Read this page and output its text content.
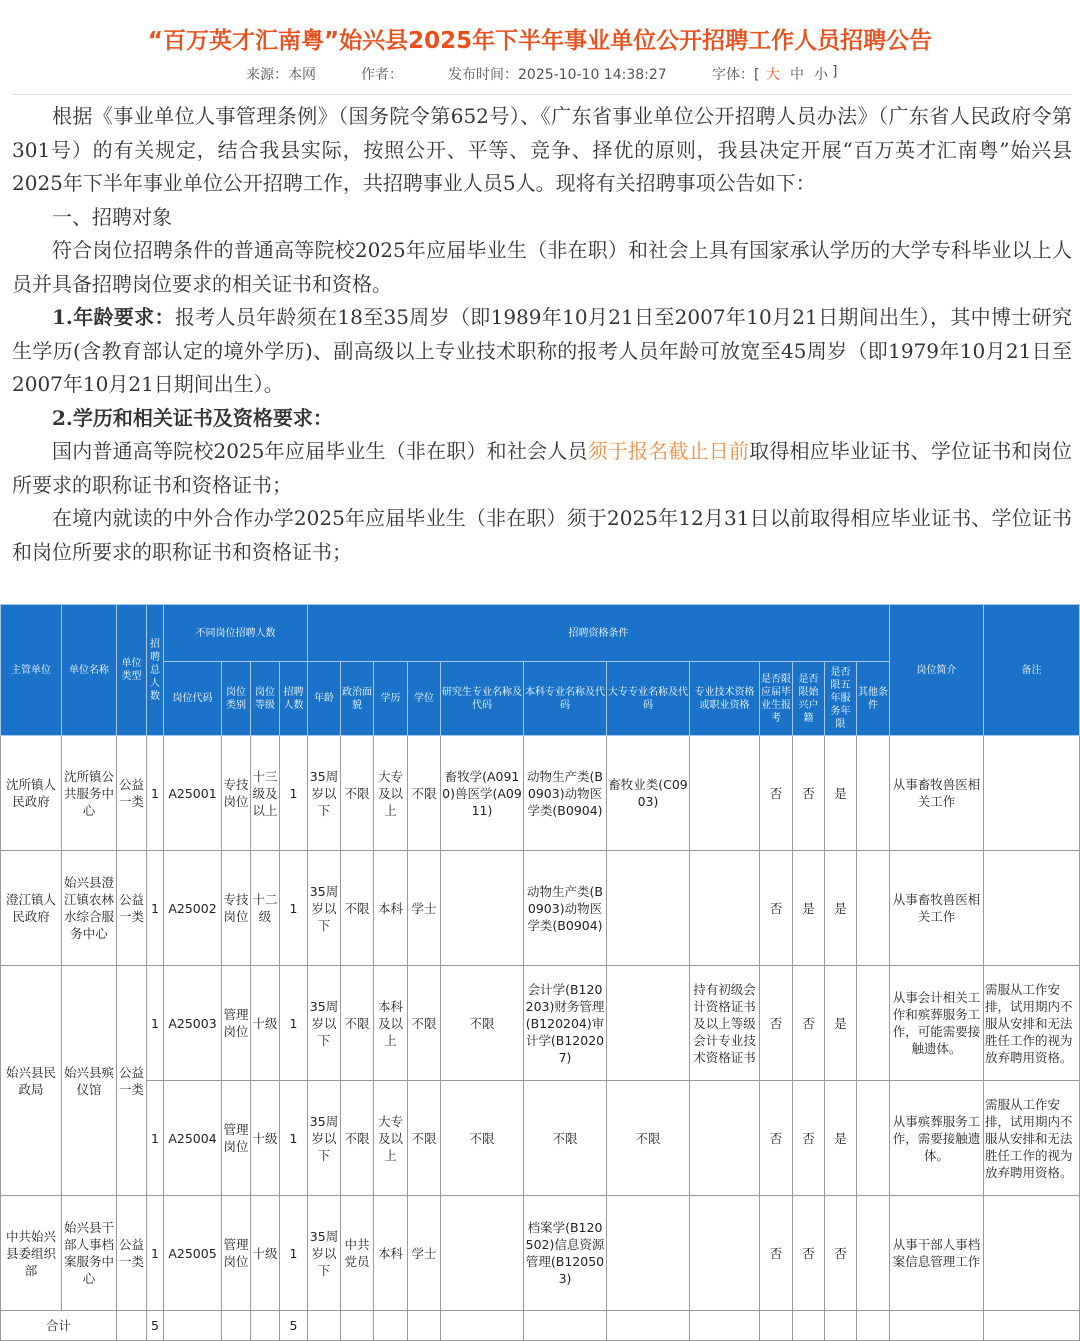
“百万英才汇南粤”始兴县2025年下半年事业单位公开招聘工作人员招聘公告
来源：本网	作者：	发布时间：2025-10-10 14:38:27	字体：[ 大 中 小 ]

根据《事业单位人事管理条例》（国务院令第652号）、《广东省事业单位公开招聘人员办法》（广东省人民政府令第301号）的有关规定，结合我县实际，按照公开、平等、竞争、择优的原则，我县决定开展“百万英才汇南粤”始兴县2025年下半年事业单位公开招聘工作，共招聘事业人员5人。现将有关招聘事项公告如下：

一、招聘对象

符合岗位招聘条件的普通高等院校2025年应届毕业生（非在职）和社会上具有国家承认学历的大学专科毕业以上人员并具备招聘岗位要求的相关证书和资格。

1.年龄要求：报考人员年龄须在18至35周岁（即1989年10月21日至2007年10月21日期间出生），其中博士研究生学历(含教育部认定的境外学历)、副高级以上专业技术职称的报考人员年龄可放宽至45周岁（即1979年10月21日至2007年10月21日期间出生）。

2.学历和相关证书及资格要求：

国内普通高等院校2025年应届毕业生（非在职）和社会人员须于报名截止日前取得相应毕业证书、学位证书和岗位所要求的职称证书和资格证书；

在境内就读的中外合作办学2025年应届毕业生（非在职）须于2025年12月31日以前取得相应毕业证书、学位证书和岗位所要求的职称证书和资格证书；

主管单位	单位名称	单位类型	招聘总人数	不同岗位招聘人数				招聘资格条件												岗位简介	备注
				岗位代码	岗位类别	岗位等级	招聘人数	年龄	政治面貌	学历	学位	研究生专业名称及代码	本科专业名称及代码	大专专业名称及代码	专业技术资格或职业资格	是否限应届毕业生报考	是否限始兴户籍	是否限五年服务年限	其他条件		
沈所镇人民政府	沈所镇公共服务中心	公益一类	1	A25001	专技岗位	十三级及以上	1	35周岁以下	不限	大专及以上	不限	畜牧学(A0910)兽医学(A0911)	动物生产类(B0903)动物医学类(B0904)	畜牧业类(C0903)		否	否	是		从事畜牧兽医相关工作	
澄江镇人民政府	始兴县澄江镇农林水综合服务中心	公益一类	1	A25002	专技岗位	十二级	1	35周岁以下	不限	本科	学士		动物生产类(B0903)动物医学类(B0904)			否	是	是		从事畜牧兽医相关工作	
始兴县民政局	始兴县殡仪馆	公益一类	1	A25003	管理岗位	十级	1	35周岁以下	不限	本科及以上	不限	不限	会计学(B120203)财务管理(B120204)审计学(B120207)		持有初级会计资格证书及以上等级会计专业技术资格证书	否	否	是		从事会计相关工作和殡葬服务工作，可能需要接触遗体。	需服从工作安排，试用期内不服从安排和无法胜任工作的视为放弃聘用资格。
			1	A25004	管理岗位	十级	1	35周岁以下	不限	大专及以上	不限	不限	不限	不限		否	否	是		从事殡葬服务工作，需要接触遗体。	需服从工作安排，试用期内不服从安排和无法胜任工作的视为放弃聘用资格。
中共始兴县委组织部	始兴县干部人事档案服务中心	公益一类	1	A25005	管理岗位	十级	1	35周岁以下	中共党员	本科	学士		档案学(B120502)信息资源管理(B120503)			否	否	否		从事干部人事档案信息管理工作	
合计			5				5														
